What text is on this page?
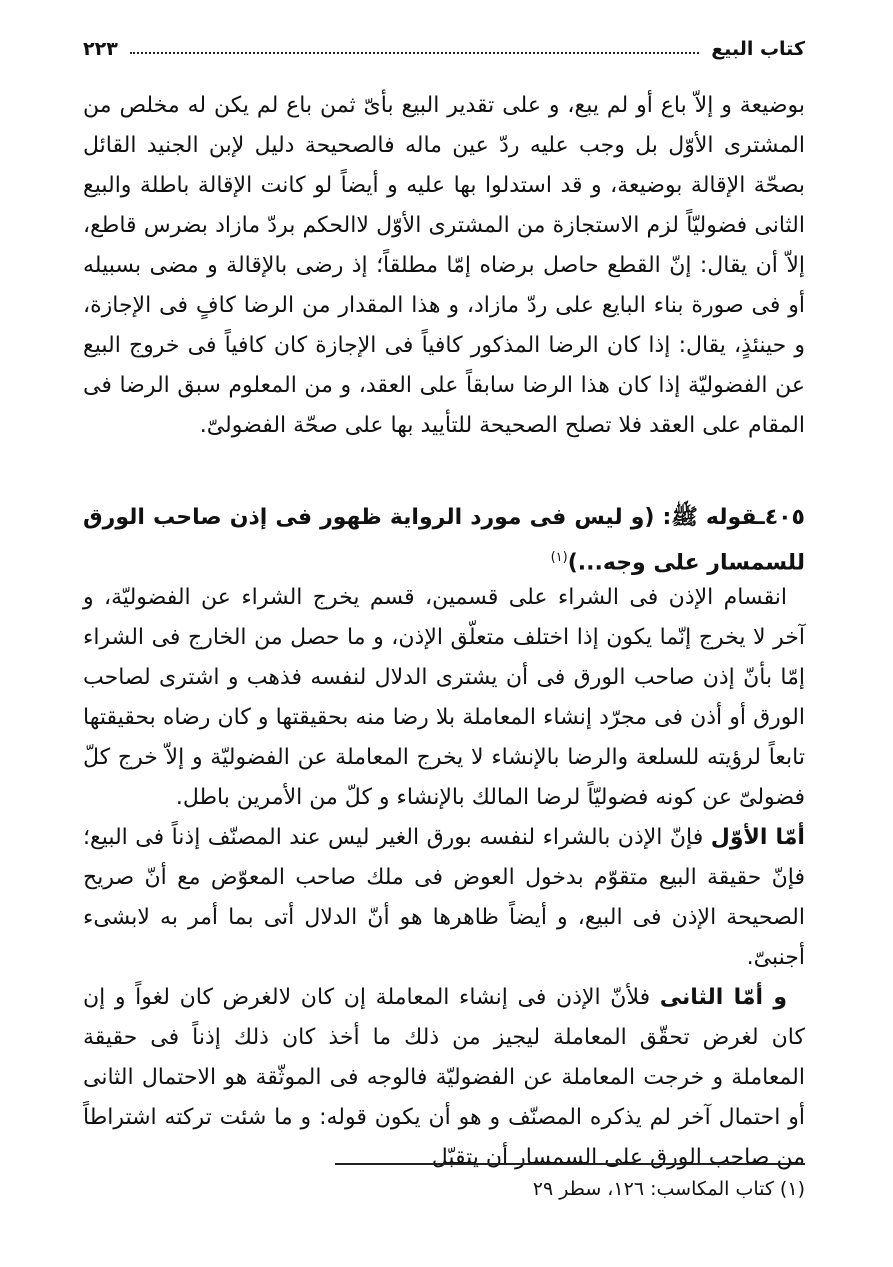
كتاب البيع
٢٢٣

بوضيعة و إلاّ باع أو لم يبع، و على تقدير البيع بأىّ ثمن باع لم يكن له مخلص من المشترى الأوّل بل وجب عليه ردّ عين ماله فالصحيحة دليل لإبن الجنيد القائل بصحّة الإقالة بوضيعة، و قد استدلوا بها عليه و أيضاً لو كانت الإقالة باطلة والبيع الثانى فضوليّاً لزم الاستجازة من المشترى الأوّل لاالحكم بردّ مازاد بضرس قاطع، إلاّ أن يقال: إنّ القطع حاصل برضاه إمّا مطلقاً؛ إذ رضى بالإقالة و مضى بسبيله أو فى صورة بناء البايع على ردّ مازاد، و هذا المقدار من الرضا كافٍ فى الإجازة، و حينئذٍ، يقال: إذا كان الرضا المذكور كافياً فى الإجازة كان كافياً فى خروج البيع عن الفضوليّة إذا كان هذا الرضا سابقاً على العقد، و من المعلوم سبق الرضا فى المقام على العقد فلا تصلح الصحيحة للتأييد بها على صحّة الفضولىّ.

٤٠٥ـقوله ﷺ: (و ليس فى مورد الرواية ظهور فى إذن صاحب الورق للسمسار على وجه...)$^{(١)}$

انقسام الإذن فى الشراء على قسمين، قسم يخرج الشراء عن الفضوليّة، و آخر لا يخرج إنّما يكون إذا اختلف متعلّق الإذن، و ما حصل من الخارج فى الشراء إمّا بأنّ إذن صاحب الورق فى أن يشترى الدلال لنفسه فذهب و اشترى لصاحب الورق أو أذن فى مجرّد إنشاء المعاملة بلا رضا منه بحقيقتها و كان رضاه بحقيقتها تابعاً لرؤيته للسلعة والرضا بالإنشاء لا يخرج المعاملة عن الفضوليّة و إلاّ خرج كلّ فضولىّ عن كونه فضوليّاً لرضا المالك بالإنشاء و كلّ من الأمرين باطل.

أمّا الأوّل فإنّ الإذن بالشراء لنفسه بورق الغير ليس عند المصنّف إذناً فى البيع؛ فإنّ حقيقة البيع متقوّم بدخول العوض فى ملك صاحب المعوّض مع أنّ صريح الصحيحة الإذن فى البيع، و أيضاً ظاهرها هو أنّ الدلال أتى بما أمر به لابشىء أجنبىّ.

و أمّا الثانى فلأنّ الإذن فى إنشاء المعاملة إن كان لالغرض كان لغواً و إن كان لغرض تحقّق المعاملة ليجيز من ذلك ما أخذ كان ذلك إذناً فى حقيقة المعاملة و خرجت المعاملة عن الفضوليّة فالوجه فى الموثّقة هو الاحتمال الثانى أو احتمال آخر لم يذكره المصنّف و هو أن يكون قوله: و ما شئت تركته اشتراطاً من صاحب الورق على السمسار أن يتقبّل

(١) كتاب المكاسب: ١٢٦، سطر ٢٩
